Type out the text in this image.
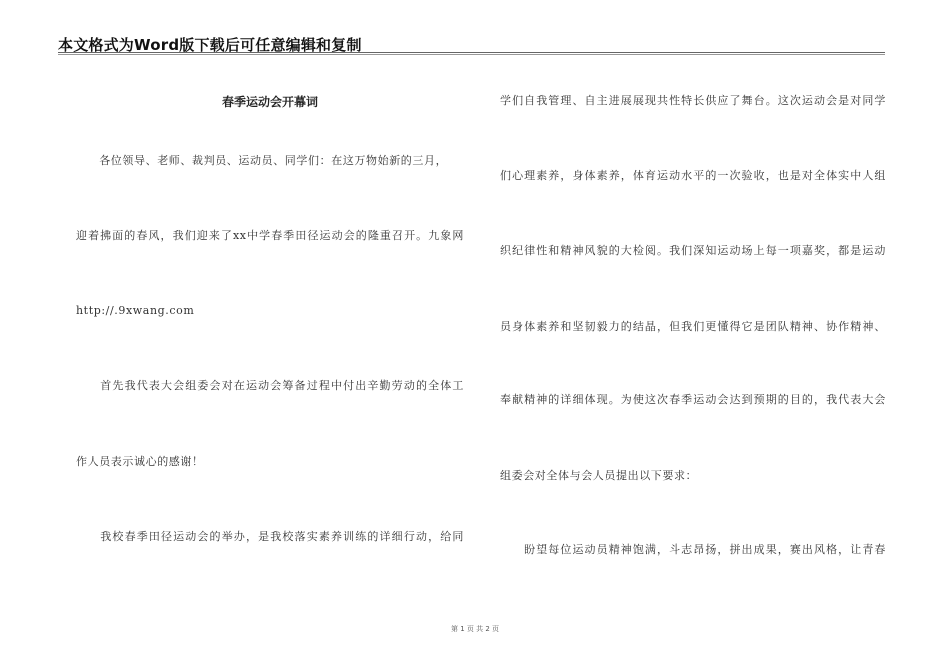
本文格式为Word版下载后可任意编辑和复制
春季运动会开幕词
　　各位领导、老师、裁判员、运动员、同学们：在这万物始新的三月，
迎着拂面的春风，我们迎来了xx中学春季田径运动会的隆重召开。九象网
http://.9xwang.com
　　首先我代表大会组委会对在运动会筹备过程中付出辛勤劳动的全体工
作人员表示诚心的感谢！
　　我校春季田径运动会的举办，是我校落实素养训练的详细行动，给同
学们自我管理、自主进展展现共性特长供应了舞台。这次运动会是对同学
们心理素养，身体素养，体育运动水平的一次验收，也是对全体实中人组
织纪律性和精神风貌的大检阅。我们深知运动场上每一项嘉奖，都是运动
员身体素养和坚韧毅力的结晶，但我们更懂得它是团队精神、协作精神、
奉献精神的详细体现。为使这次春季运动会达到预期的目的，我代表大会
组委会对全体与会人员提出以下要求：
　　盼望每位运动员精神饱满，斗志昂扬，拼出成果，赛出风格，让青春
第 1 页 共 2 页
